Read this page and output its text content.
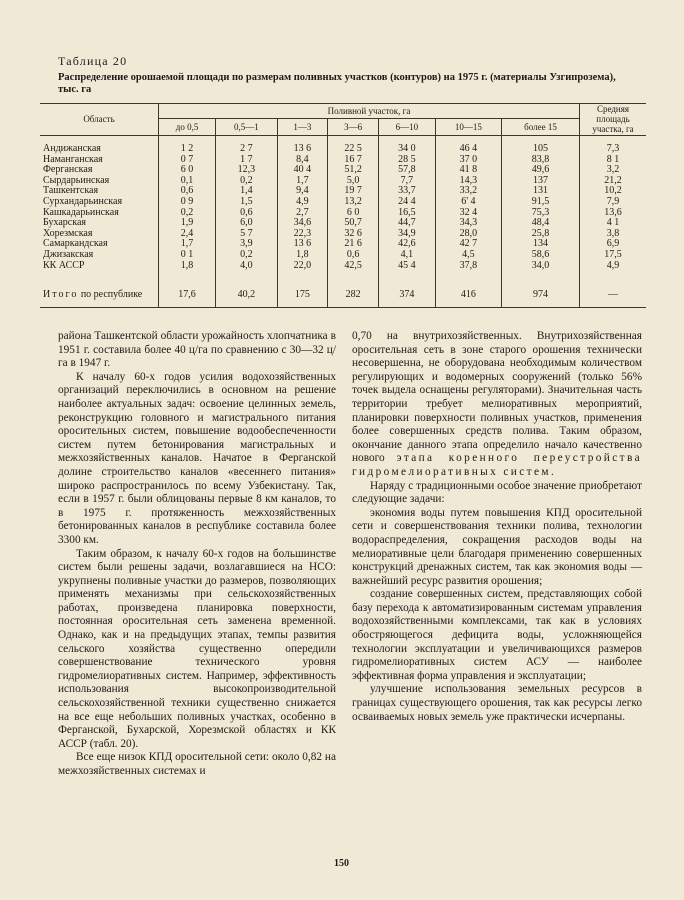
Таблица 20
Распределение орошаемой площади по размерам поливных участков (контуров) на 1975 г. (материалы Узгипрозема), тыс. га
Область	Поливной участок, га							Средняя площадь участка, га
	до 0,5	0,5—1	1—3	3—6	6—10	10—15	более 15	

Андижанская	1 2	2 7	13 6	22 5	34 0	46 4	105	7,3
Наманганская	0 7	1 7	8,4	16 7	28 5	37 0	83,8	8 1
Ферганская	6 0	12,3	40 4	51,2	57,8	41 8	49,6	3,2
Сырдарьинская	0,1	0,2	1,7	5,0	7,7	14,3	137	21,2
Ташкентская	0,6	1,4	9,4	19 7	33,7	33,2	131	10,2
Сурхандарьинская	0 9	1,5	4,9	13,2	24 4	6' 4	91,5	7,9
Кашкадарьинская	0,2	0,6	2,7	6 0	16,5	32 4	75,3	13,6
Бухарская	1,9	6,0	34,6	50,7	44,7	34,3	48,4	4 1
Хорезмская	2,4	5 7	22,3	32 6	34,9	28,0	25,8	3,8
Самаркандская	1,7	3,9	13 6	21 6	42,6	42 7	134	6,9
Джизакская	0 1	0,2	1,8	0,6	4,1	4,5	58,6	17,5
КК АССР	1,8	4,0	22,0	42,5	45 4	37,8	34,0	4,9

Итого по республике	17,6	40,2	175	282	374	416	974	—

района Ташкентской области урожайность хлопчатника в 1951 г. составила более 40 ц/га по сравнению с 30—32 ц/га в 1947 г.

К началу 60-х годов усилия водохозяйственных организаций переключились в основном на решение наиболее актуальных задач: освоение целинных земель, реконструкцию головного и магистрального питания оросительных систем, повышение водообеспеченности систем путем бетонирования магистральных и межхозяйственных каналов. Начатое в Ферганской долине строительство каналов «весеннего питания» широко распространилось по всему Узбекистану. Так, если в 1957 г. были облицованы первые 8 км каналов, то в 1975 г. протяженность межхозяйственных бетонированных каналов в республике составила более 3300 км.

Таким образом, к началу 60-х годов на большинстве систем были решены задачи, возлагавшиеся на НСО: укрупнены поливные участки до размеров, позволяющих применять механизмы при сельскохозяйственных работах, произведена планировка поверхности, постоянная оросительная сеть заменена временной. Однако, как и на предыдущих этапах, темпы развития сельского хозяйства существенно опередили совершенствование технического уровня гидромелиоративных систем. Например, эффективность использования высокопроизводительной сельскохозяйственной техники существенно снижается на все еще небольших поливных участках, особенно в Ферганской, Бухарской, Хорезмской областях и КК АССР (табл. 20).

Все еще низок КПД оросительной сети: около 0,82 на межхозяйственных системах и

0,70 на внутрихозяйственных. Внутрихозяйственная оросительная сеть в зоне старого орошения технически несовершенна, не оборудована необходимым количеством регулирующих и водомерных сооружений (только 56% точек выдела оснащены регуляторами). Значительная часть территории требует мелиоративных мероприятий, планировки поверхности поливных участков, применения более совершенных средств полива. Таким образом, окончание данного этапа определило начало качественно нового этапа коренного переустройства гидромелиоративных систем.

Наряду с традиционными особое значение приобретают следующие задачи:

экономия воды путем повышения КПД оросительной сети и совершенствования техники полива, технологии водораспределения, сокращения расходов воды на мелиоративные цели благодаря применению совершенных конструкций дренажных систем, так как экономия воды — важнейший ресурс развития орошения;

создание совершенных систем, представляющих собой базу перехода к автоматизированным системам управления водохозяйственными комплексами, так как в условиях обостряющегося дефицита воды, усложняющейся технологии эксплуатации и увеличивающихся размеров гидромелиоративных систем АСУ — наиболее эффективная форма управления и эксплуатации;

улучшение использования земельных ресурсов в границах существующего орошения, так как ресурсы легко осваиваемых новых земель уже практически исчерпаны.

150
